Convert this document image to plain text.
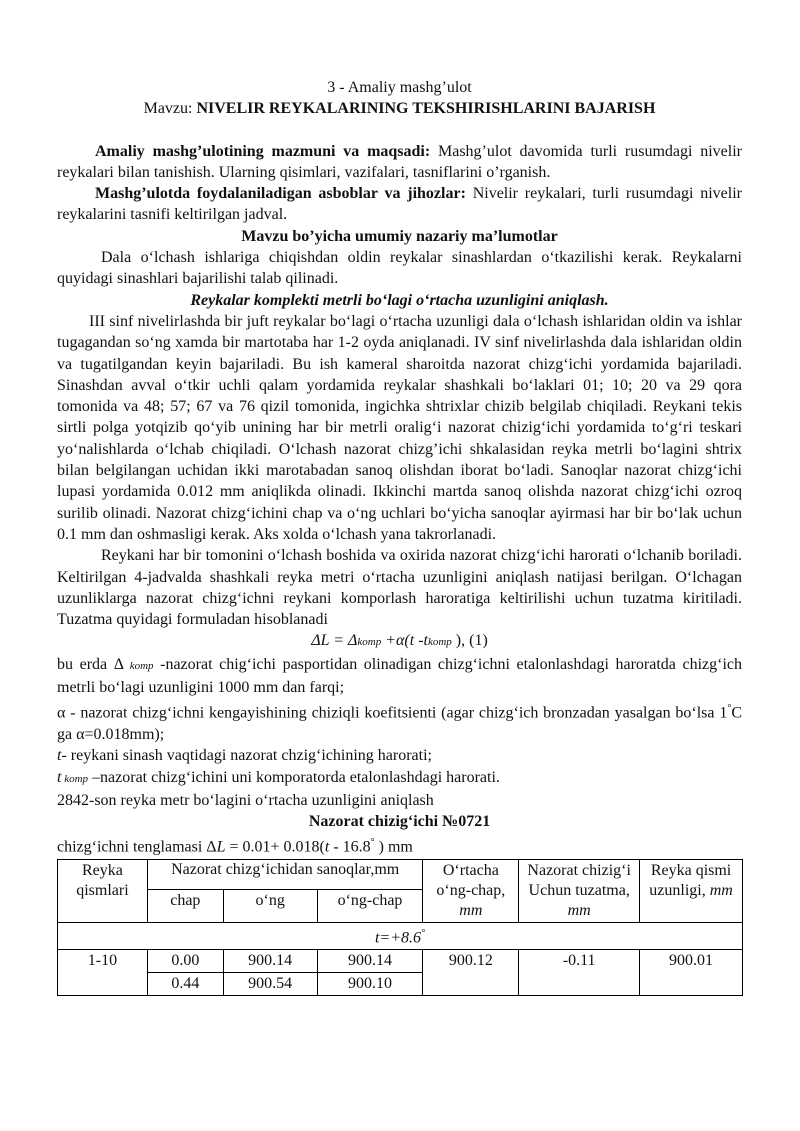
3 - Amaliy mashg’ulot

Mavzu: NIVELIR REYKALARINING TEKSHIRISHLARINI BAJARISH

Amaliy mashg’ulotining mazmuni va maqsadi: Mashg’ulot davomida turli rusumdagi nivelir reykalari bilan tanishish. Ularning qisimlari, vazifalari, tasniflarini o’rganish.

Mashg’ulotda foydalaniladigan asboblar va jihozlar: Nivelir reykalari, turli rusumdagi nivelir reykalarini tasnifi keltirilgan jadval.

Mavzu bo’yicha umumiy nazariy ma’lumotlar

Dala o‘lchash ishlariga chiqishdan oldin reykalar sinashlardan o‘tkazilishi kerak. Reykalarni quyidagi sinashlari bajarilishi talab qilinadi.

Reykalar komplekti metrli bo‘lagi o‘rtacha uzunligini aniqlash.

III sinf nivelirlashda bir juft reykalar bo‘lagi o‘rtacha uzunligi dala o‘lchash ishlaridan oldin va ishlar tugagandan so‘ng xamda bir martotaba har 1-2 oyda aniqlanadi. IV sinf nivelirlashda dala ishlaridan oldin va tugatilgandan keyin bajariladi. Bu ish kameral sharoitda nazorat chizg‘ichi yordamida bajariladi. Sinashdan avval o‘tkir uchli qalam yordamida reykalar shashkali bo‘laklari 01; 10; 20 va 29 qora tomonida va 48; 57; 67 va 76 qizil tomonida, ingichka shtrixlar chizib belgilab chiqiladi. Reykani tekis sirtli polga yotqizib qo‘yib unining har bir metrli oralig‘i nazorat chizig‘ichi yordamida to‘g‘ri teskari yo‘nalishlarda o‘lchab chiqiladi. O‘lchash nazorat chizg’ichi shkalasidan reyka metrli bo‘lagini shtrix bilan belgilangan uchidan ikki marotabadan sanoq olishdan iborat bo‘ladi. Sanoqlar nazorat chizg‘ichi lupasi yordamida 0.012 mm aniqlikda olinadi. Ikkinchi martda sanoq olishda nazorat chizg‘ichi ozroq surilib olinadi. Nazorat chizg‘ichini chap va o‘ng uchlari bo‘yicha sanoqlar ayirmasi har bir bo‘lak uchun 0.1 mm dan oshmasligi kerak. Aks xolda o‘lchash yana takrorlanadi.

Reykani har bir tomonini o‘lchash boshida va oxirida nazorat chizg‘ichi harorati o‘lchanib boriladi. Keltirilgan 4-jadvalda shashkali reyka metri o‘rtacha uzunligini aniqlash natijasi berilgan. O‘lchagan uzunliklarga nazorat chizg‘ichni reykani komporlash haroratiga keltirilishi uchun tuzatma kiritiladi. Tuzatma quyidagi formuladan hisoblanadi

ΔL = Δkomp +α(t -tkomp ), (1)

bu erda Δ komp -nazorat chig‘ichi pasportidan olinadigan chizg‘ichni etalonlashdagi haroratda chizg‘ich metrli bo‘lagi uzunligini 1000 mm dan farqi;

α - nazorat chizg‘ichni kengayishining chiziqli koefitsienti (agar chizg‘ich bronzadan yasalgan bo‘lsa 1°C ga α=0.018mm);

t- reykani sinash vaqtidagi nazorat chzig‘ichining harorati;

t komp –nazorat chizg‘ichini uni komporatorda etalonlashdagi harorati.

2842-son reyka metr bo‘lagini o‘rtacha uzunligini aniqlash

Nazorat chizig‘ichi №0721

chizg‘ichni tenglamasi ΔL = 0.01+ 0.018(t - 16.8° ) mm

Reyka qismlari	Nazorat chizg‘ichidan sanoqlar,mm			O‘rtacha o‘ng-chap, mm	Nazorat chizig‘i Uchun tuzatma, mm	Reyka qismi uzunligi, mm
	chap	o‘ng	o‘ng-chap			
t=+8.6°
1-10	0.00	900.14	900.14	900.12	-0.11	900.01
	0.44	900.54	900.10			
